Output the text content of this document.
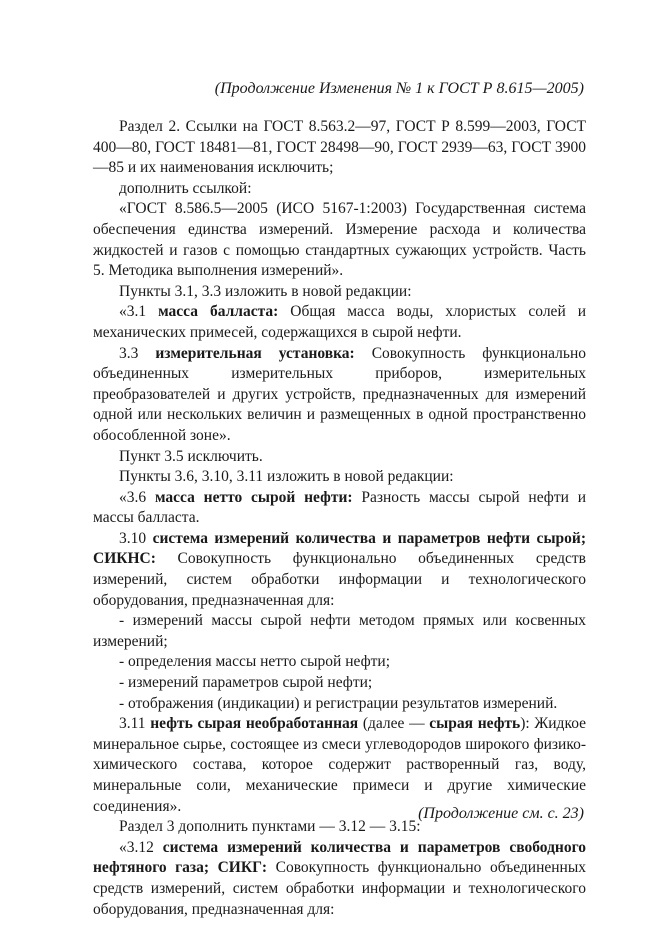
(Продолжение Изменения № 1 к ГОСТ Р 8.615—2005)

Раздел 2. Ссылки на ГОСТ 8.563.2—97, ГОСТ Р 8.599—2003, ГОСТ 400—80, ГОСТ 18481—81, ГОСТ 28498—90, ГОСТ 2939—63, ГОСТ 3900—85 и их наименования исключить;

дополнить ссылкой:

«ГОСТ 8.586.5—2005 (ИСО 5167-1:2003) Государственная система обеспечения единства измерений. Измерение расхода и количества жидкостей и газов с помощью стандартных сужающих устройств. Часть 5. Методика выполнения измерений».

Пункты 3.1, 3.3 изложить в новой редакции:

«3.1 масса балласта: Общая масса воды, хлористых солей и механических примесей, содержащихся в сырой нефти.

3.3 измерительная установка: Совокупность функционально объединенных измерительных приборов, измерительных преобразователей и других устройств, предназначенных для измерений одной или нескольких величин и размещенных в одной пространственно обособленной зоне».

Пункт 3.5 исключить.

Пункты 3.6, 3.10, 3.11 изложить в новой редакции:

«3.6 масса нетто сырой нефти: Разность массы сырой нефти и массы балласта.

3.10 система измерений количества и параметров нефти сырой; СИКНС: Совокупность функционально объединенных средств измерений, систем обработки информации и технологического оборудования, предназначенная для:

- измерений массы сырой нефти методом прямых или косвенных измерений;

- определения массы нетто сырой нефти;

- измерений параметров сырой нефти;

- отображения (индикации) и регистрации результатов измерений.

3.11 нефть сырая необработанная (далее — сырая нефть): Жидкое минеральное сырье, состоящее из смеси углеводородов широкого физико-химического состава, которое содержит растворенный газ, воду, минеральные соли, механические примеси и другие химические соединения».

Раздел 3 дополнить пунктами — 3.12 — 3.15:

«3.12 система измерений количества и параметров свободного нефтяного газа; СИКГ: Совокупность функционально объединенных средств измерений, систем обработки информации и технологического оборудования, предназначенная для:

(Продолжение см. с. 23)
